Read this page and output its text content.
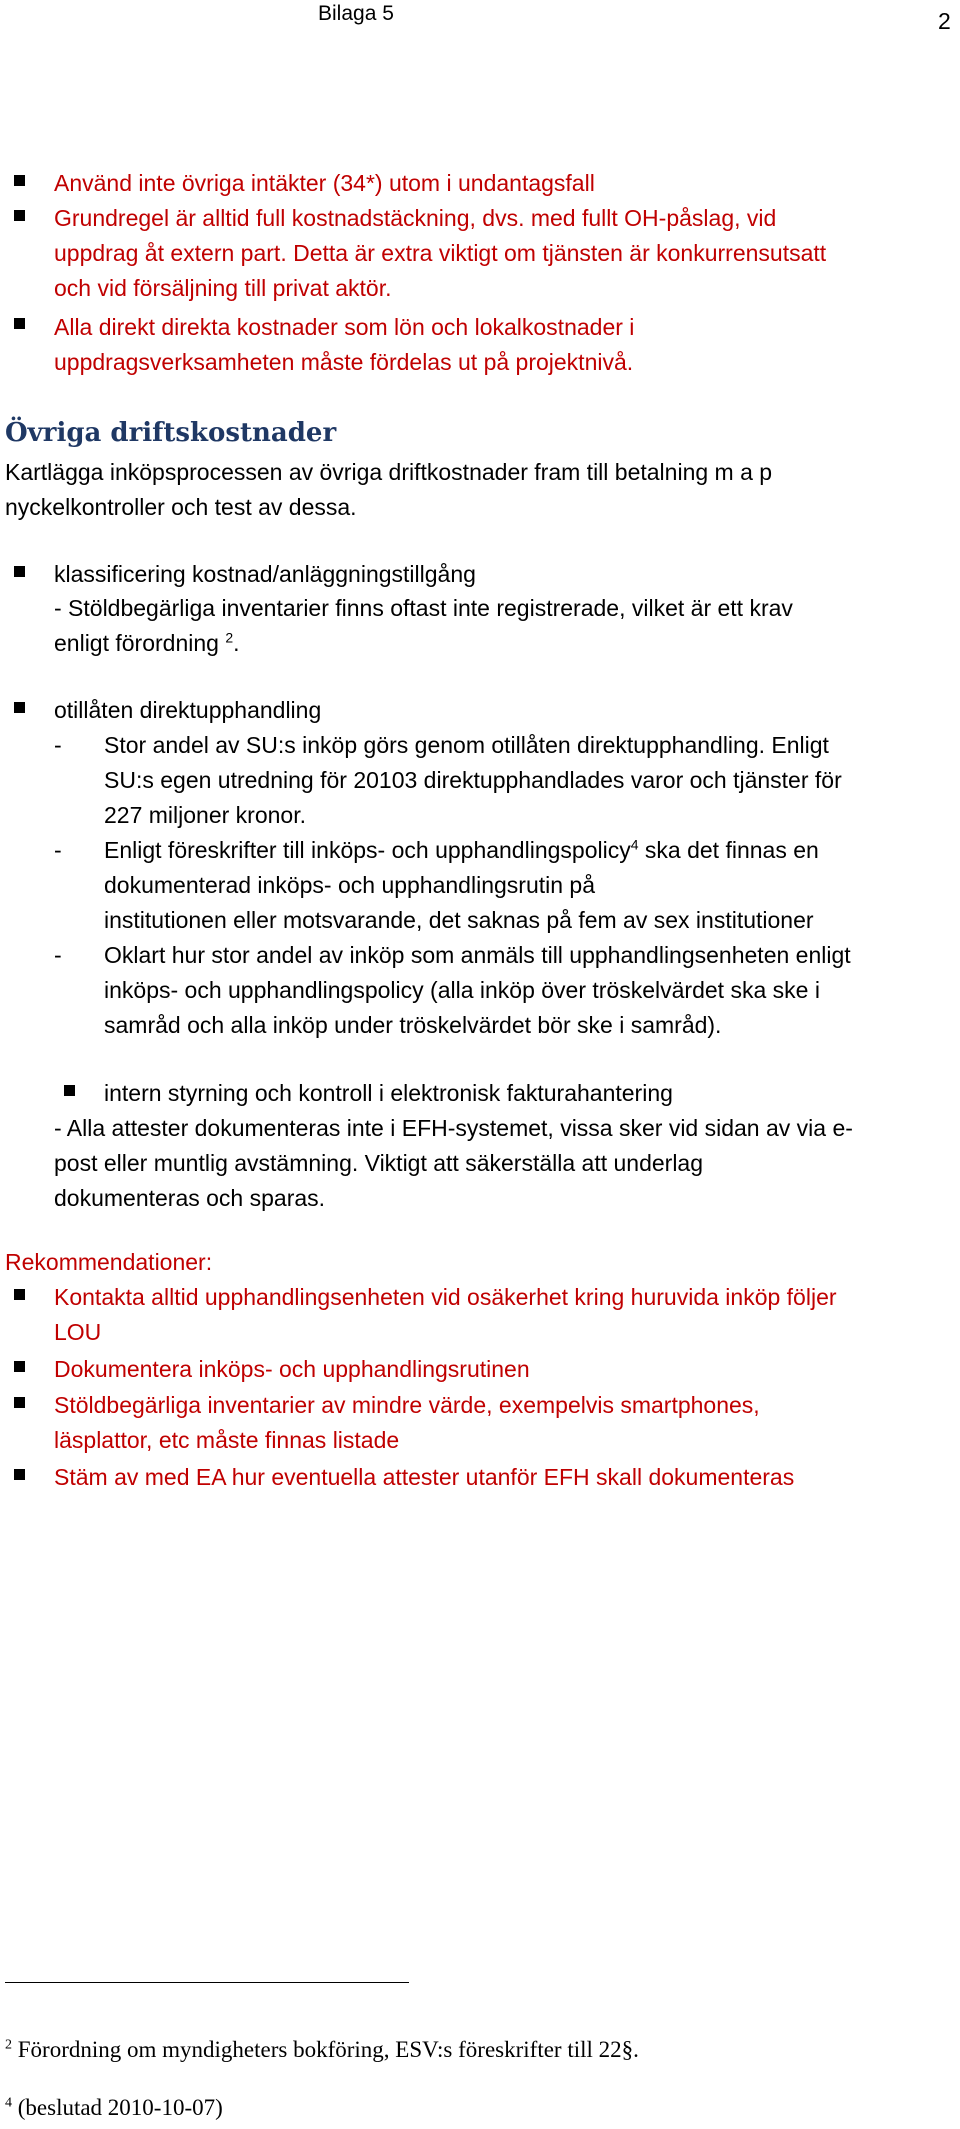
Bilaga 5	2
Använd inte övriga intäkter (34*) utom i undantagsfall
Grundregel är alltid full kostnadstäckning, dvs. med fullt OH-påslag, vid
uppdrag åt extern part. Detta är extra viktigt om tjänsten är konkurrensutsatt
och vid försäljning till privat aktör.
Alla direkt direkta kostnader som lön och lokalkostnader i
uppdragsverksamheten måste fördelas ut på projektnivå.
Övriga driftskostnader
Kartlägga inköpsprocessen av övriga driftkostnader fram till betalning m a p
nyckelkontroller och test av dessa.
klassificering kostnad/anläggningstillgång
- Stöldbegärliga inventarier finns oftast inte registrerade, vilket är ett krav
enligt förordning $^2$.
otillåten direktupphandling
- Stor andel av SU:s inköp görs genom otillåten direktupphandling. Enligt
SU:s egen utredning för 20103 direktupphandlades varor och tjänster för
227 miljoner kronor.
- Enligt föreskrifter till inköps- och upphandlingspolicy$^4$ ska det finnas en
dokumenterad inköps- och upphandlingsrutin på
institutionen eller motsvarande, det saknas på fem av sex institutioner
- Oklart hur stor andel av inköp som anmäls till upphandlingsenheten enligt
inköps- och upphandlingspolicy (alla inköp över tröskelvärdet ska ske i
samråd och alla inköp under tröskelvärdet bör ske i samråd).
intern styrning och kontroll i elektronisk fakturahantering
- Alla attester dokumenteras inte i EFH-systemet, vissa sker vid sidan av via e-
post eller muntlig avstämning. Viktigt att säkerställa att underlag
dokumenteras och sparas.
Rekommendationer:
Kontakta alltid upphandlingsenheten vid osäkerhet kring huruvida inköp följer
LOU
Dokumentera inköps- och upphandlingsrutinen
Stöldbegärliga inventarier av mindre värde, exempelvis smartphones,
läsplattor, etc måste finnas listade
Stäm av med EA hur eventuella attester utanför EFH skall dokumenteras
$^2$ Förordning om myndigheters bokföring, ESV:s föreskrifter till 22§.
$^4$ (beslutad 2010-10-07)
